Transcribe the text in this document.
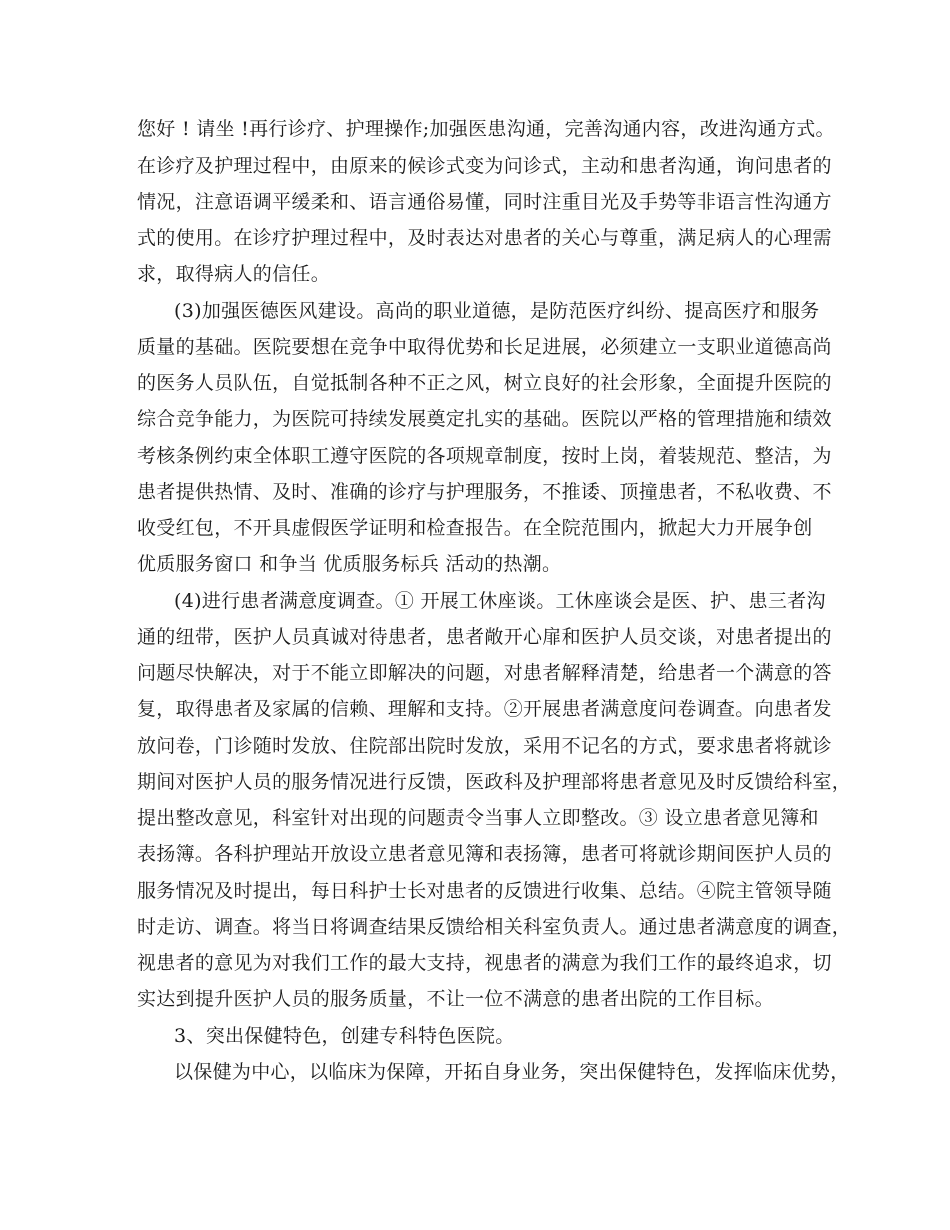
您好 ! 请坐 !再行诊疗、护理操作;加强医患沟通，完善沟通内容，改进沟通方式。
在诊疗及护理过程中，由原来的候诊式变为问诊式，主动和患者沟通，询问患者的
情况，注意语调平缓柔和、语言通俗易懂，同时注重目光及手势等非语言性沟通方
式的使用。在诊疗护理过程中，及时表达对患者的关心与尊重，满足病人的心理需
求，取得病人的信任。
(3)加强医德医风建设。高尚的职业道德，是防范医疗纠纷、提高医疗和服务
质量的基础。医院要想在竞争中取得优势和长足进展，必须建立一支职业道德高尚
的医务人员队伍，自觉抵制各种不正之风，树立良好的社会形象，全面提升医院的
综合竞争能力，为医院可持续发展奠定扎实的基础。医院以严格的管理措施和绩效
考核条例约束全体职工遵守医院的各项规章制度，按时上岗，着装规范、整洁，为
患者提供热情、及时、准确的诊疗与护理服务，不推诿、顶撞患者，不私收费、不
收受红包，不开具虚假医学证明和检查报告。在全院范围内，掀起大力开展争创
优质服务窗口 和争当 优质服务标兵 活动的热潮。
(4)进行患者满意度调查。① 开展工休座谈。工休座谈会是医、护、患三者沟
通的纽带，医护人员真诚对待患者，患者敞开心扉和医护人员交谈，对患者提出的
问题尽快解决，对于不能立即解决的问题，对患者解释清楚，给患者一个满意的答
复，取得患者及家属的信赖、理解和支持。②开展患者满意度问卷调查。向患者发
放问卷，门诊随时发放、住院部出院时发放，采用不记名的方式，要求患者将就诊
期间对医护人员的服务情况进行反馈，医政科及护理部将患者意见及时反馈给科室，
提出整改意见，科室针对出现的问题责令当事人立即整改。③ 设立患者意见簿和
表扬簿。各科护理站开放设立患者意见簿和表扬簿，患者可将就诊期间医护人员的
服务情况及时提出，每日科护士长对患者的反馈进行收集、总结。④院主管领导随
时走访、调查。将当日将调查结果反馈给相关科室负责人。通过患者满意度的调查，
视患者的意见为对我们工作的最大支持，视患者的满意为我们工作的最终追求，切
实达到提升医护人员的服务质量，不让一位不满意的患者出院的工作目标。
3、突出保健特色，创建专科特色医院。
以保健为中心，以临床为保障，开拓自身业务，突出保健特色，发挥临床优势，
